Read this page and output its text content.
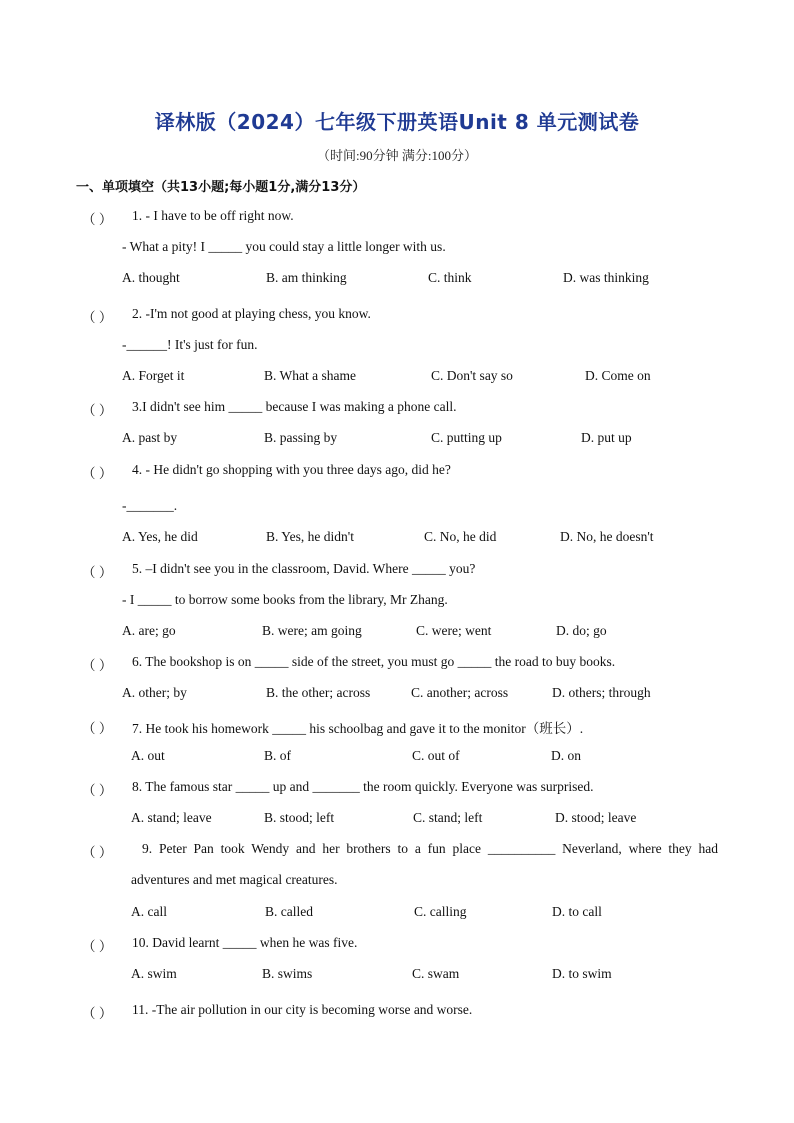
译林版（2024）七年级下册英语Unit 8 单元测试卷
（时间:90分钟 满分:100分）
一、单项填空（共13小题;每小题1分,满分13分）
（ ） 1. - I have to be off right now.
- What a pity! I _____ you could stay a little longer with us.
A. thought	B. am thinking	C. think	D. was thinking
（ ） 2. -I'm not good at playing chess, you know.
-______! It's just for fun.
A. Forget it	B. What a shame	C. Don't say so	D. Come on
（ ） 3.I didn't see him _____ because I was making a phone call.
A. past by	B. passing by	C. putting up	D. put up
（ ） 4. - He didn't go shopping with you three days ago, did he?
-_______.
A. Yes, he did	B. Yes, he didn't	C. No, he did	D. No, he doesn't
（ ） 5. –I didn't see you in the classroom, David. Where _____ you?
- I _____ to borrow some books from the library, Mr Zhang.
A. are; go	B. were; am going	C. were; went	D. do; go
（ ） 6. The bookshop is on _____ side of the street, you must go _____ the road to buy books.
A. other; by	B. the other; across	C. another; across	D. others; through
（ ） 7. He took his homework _____ his schoolbag and gave it to the monitor（班长）.
A. out	B. of	C. out of	D. on
（ ） 8. The famous star _____ up and _______ the room quickly. Everyone was surprised.
A. stand; leave	B. stood; left	C. stand; left	D. stood; leave
（ ） 9. Peter Pan took Wendy and her brothers to a fun place __________ Neverland, where they had
adventures and met magical creatures.
A. call	B. called	C. calling	D. to call
（ ） 10. David learnt _____ when he was five.
A. swim	B. swims	C. swam	D. to swim
（ ） 11. -The air pollution in our city is becoming worse and worse.
